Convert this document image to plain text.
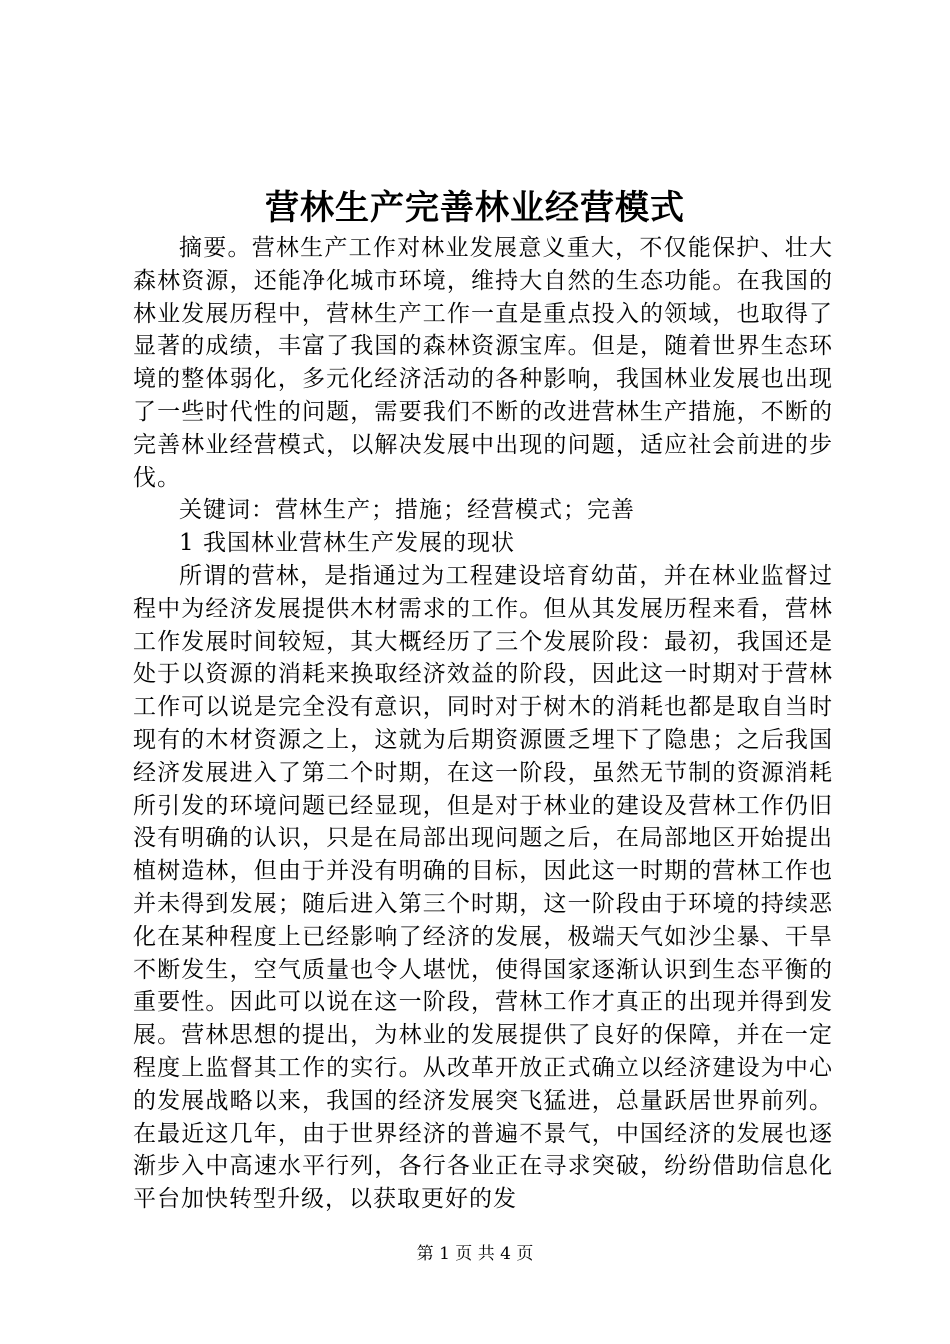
营林生产完善林业经营模式

摘要。营林生产工作对林业发展意义重大，不仅能保护、壮大森林资源，还能净化城市环境，维持大自然的生态功能。在我国的林业发展历程中，营林生产工作一直是重点投入的领域，也取得了显著的成绩，丰富了我国的森林资源宝库。但是，随着世界生态环境的整体弱化，多元化经济活动的各种影响，我国林业发展也出现了一些时代性的问题，需要我们不断的改进营林生产措施，不断的完善林业经营模式，以解决发展中出现的问题，适应社会前进的步伐。

关键词：营林生产；措施；经营模式；完善

1 我国林业营林生产发展的现状

所谓的营林，是指通过为工程建设培育幼苗，并在林业监督过程中为经济发展提供木材需求的工作。但从其发展历程来看，营林工作发展时间较短，其大概经历了三个发展阶段：最初，我国还是处于以资源的消耗来换取经济效益的阶段，因此这一时期对于营林工作可以说是完全没有意识，同时对于树木的消耗也都是取自当时现有的木材资源之上，这就为后期资源匮乏埋下了隐患；之后我国经济发展进入了第二个时期，在这一阶段，虽然无节制的资源消耗所引发的环境问题已经显现，但是对于林业的建设及营林工作仍旧没有明确的认识，只是在局部出现问题之后，在局部地区开始提出植树造林，但由于并没有明确的目标，因此这一时期的营林工作也并未得到发展；随后进入第三个时期，这一阶段由于环境的持续恶化在某种程度上已经影响了经济的发展，极端天气如沙尘暴、干旱不断发生，空气质量也令人堪忧，使得国家逐渐认识到生态平衡的重要性。因此可以说在这一阶段，营林工作才真正的出现并得到发展。营林思想的提出，为林业的发展提供了良好的保障，并在一定程度上监督其工作的实行。从改革开放正式确立以经济建设为中心的发展战略以来，我国的经济发展突飞猛进，总量跃居世界前列。在最近这几年，由于世界经济的普遍不景气，中国经济的发展也逐渐步入中高速水平行列，各行各业正在寻求突破，纷纷借助信息化平台加快转型升级，以获取更好的发

第 1 页 共 4 页
